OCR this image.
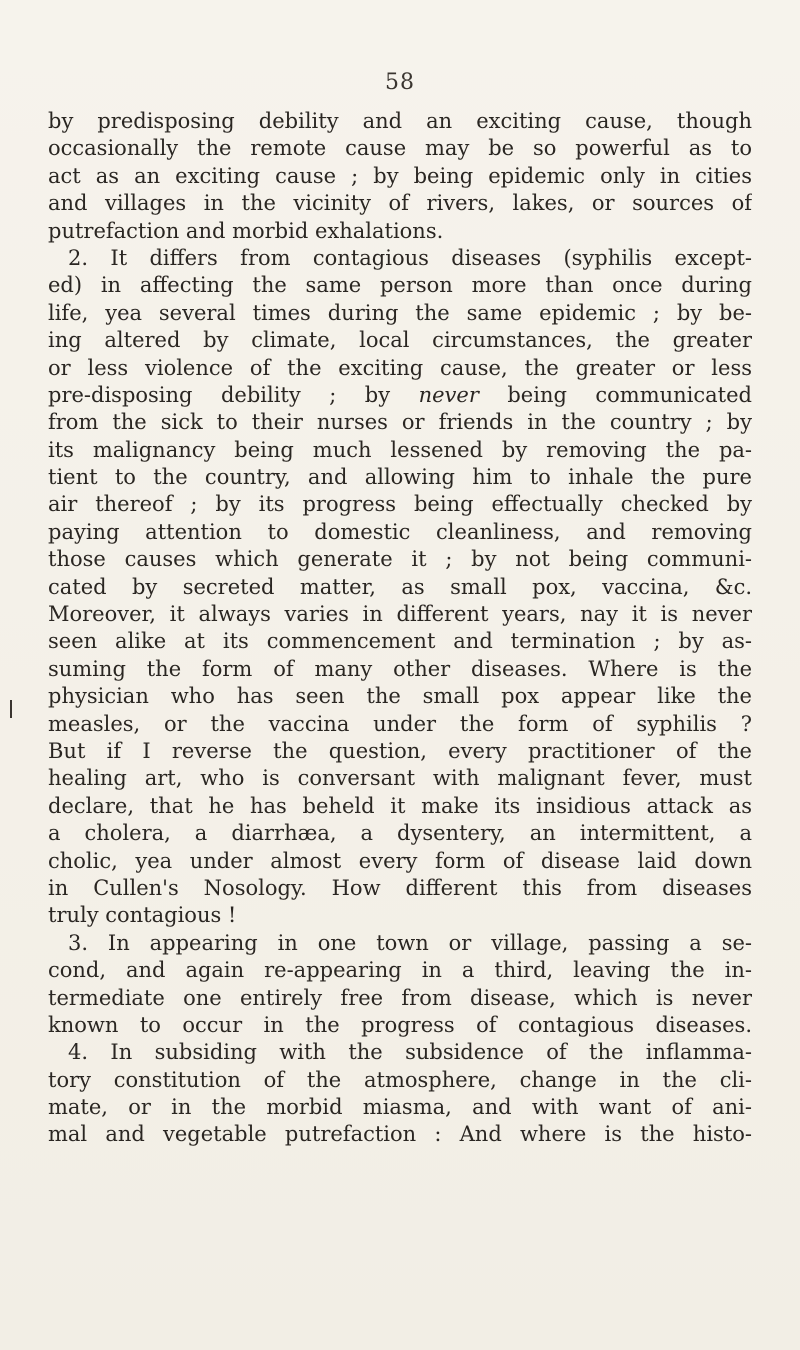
58
by predisposing debility and an exciting cause, though
occasionally the remote cause may be so powerful as to
act as an exciting cause ; by being epidemic only in cities
and villages in the vicinity of rivers, lakes, or sources of
putrefaction and morbid exhalations.
2. It differs from contagious diseases (syphilis except-
ed) in affecting the same person more than once during
life, yea several times during the same epidemic ; by be-
ing altered by climate, local circumstances, the greater
or less violence of the exciting cause, the greater or less
pre-disposing debility ; by never being communicated
from the sick to their nurses or friends in the country ; by
its malignancy being much lessened by removing the pa-
tient to the country, and allowing him to inhale the pure
air thereof ; by its progress being effectually checked by
paying attention to domestic cleanliness, and removing
those causes which generate it ; by not being communi-
cated by secreted matter, as small pox, vaccina, &c.
Moreover, it always varies in different years, nay it is never
seen alike at its commencement and termination ; by as-
suming the form of many other diseases. Where is the
physician who has seen the small pox appear like the
measles, or the vaccina under the form of syphilis ?
But if I reverse the question, every practitioner of the
healing art, who is conversant with malignant fever, must
declare, that he has beheld it make its insidious attack as
a cholera, a diarrhæa, a dysentery, an intermittent, a
cholic, yea under almost every form of disease laid down
in Cullen's Nosology. How different this from diseases
truly contagious !
3. In appearing in one town or village, passing a se-
cond, and again re-appearing in a third, leaving the in-
termediate one entirely free from disease, which is never
known to occur in the progress of contagious diseases.
4. In subsiding with the subsidence of the inflamma-
tory constitution of the atmosphere, change in the cli-
mate, or in the morbid miasma, and with want of ani-
mal and vegetable putrefaction : And where is the histo-
